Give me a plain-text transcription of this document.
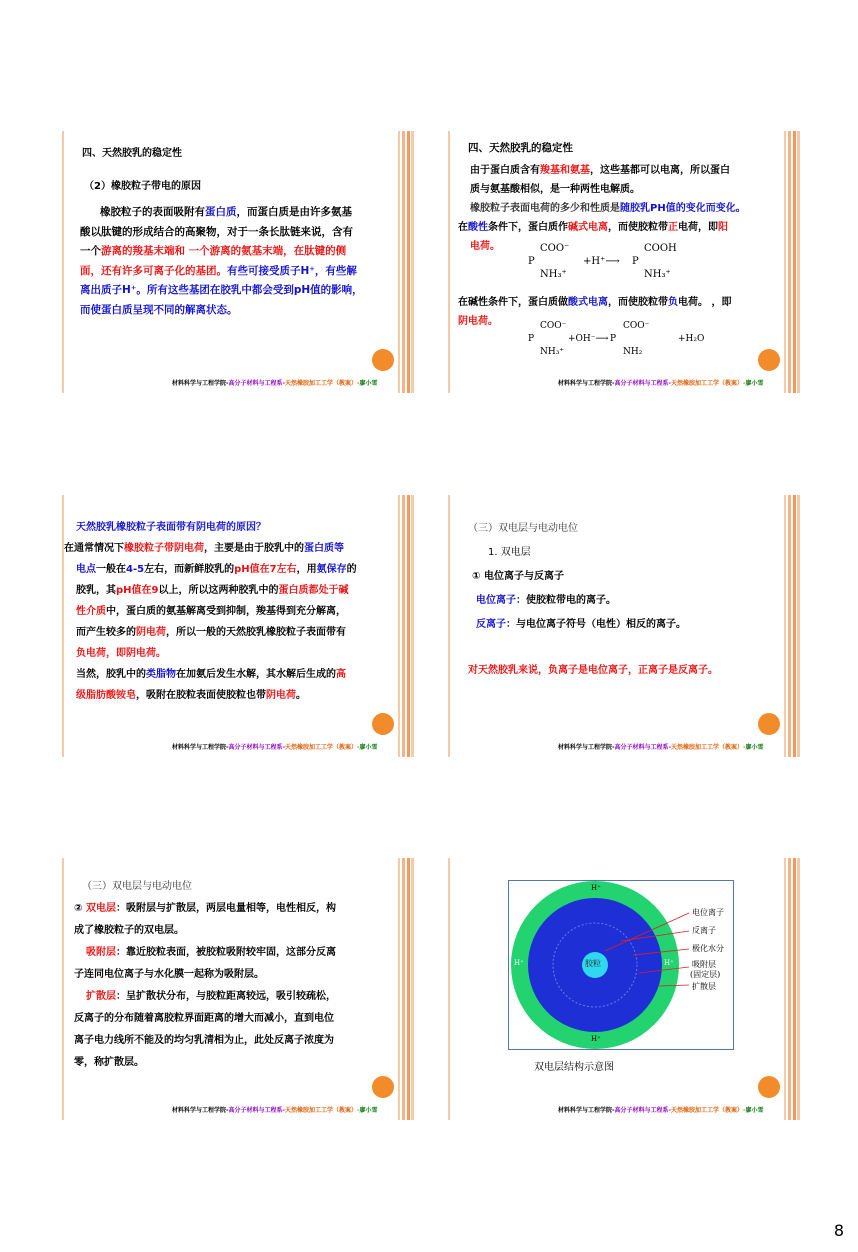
四、天然胶乳的稳定性
（2）橡胶粒子带电的原因
橡胶粒子的表面吸附有蛋白质，而蛋白质是由许多氨基
酸以肽键的形成结合的高聚物，对于一条长肽链来说，含有
一个游离的羧基末端和 一个游离的氨基末端，在肽键的侧
面，还有许多可离子化的基团。有些可接受质子H⁺，有些解
离出质子H⁺。所有这些基团在胶乳中都会受到pH值的影响，
而使蛋白质呈现不同的解离状态。
材料科学与工程学院-高分子材料与工程系-天然橡胶加工工学（教案）-廖小雪
四、天然胶乳的稳定性
由于蛋白质含有羧基和氨基，这些基都可以电离，所以蛋白
质与氨基酸相似，是一种两性电解质。
橡胶粒子表面电荷的多少和性质是随胶乳PH值的变化而变化。
在酸性条件下，蛋白质作碱式电离，而使胶粒带正电荷，即阳
电荷。	COO⁻
P
NH₃⁺
+H⁺⟶
COOH
P
NH₃⁺
在碱性条件下，蛋白质做酸式电离，而使胶粒带负电荷。 ，即
阴电荷。	COO⁻
P
NH₃⁺
+OH⁻⟶
COO⁻
P
NH₂
+H₂O
材料科学与工程学院-高分子材料与工程系-天然橡胶加工工学（教案）-廖小雪
天然胶乳橡胶粒子表面带有阴电荷的原因？
在通常情况下橡胶粒子带阴电荷，主要是由于胶乳中的蛋白质等
电点一般在4-5左右，而新鲜胶乳的pH值在7左右，用氨保存的
胶乳，其pH值在9以上，所以这两种胶乳中的蛋白质都处于碱
性介质中，蛋白质的氨基解离受到抑制，羧基得到充分解离，
而产生较多的阴电荷，所以一般的天然胶乳橡胶粒子表面带有
负电荷，即阴电荷。
当然，胶乳中的类脂物在加氨后发生水解，其水解后生成的高
级脂肪酸铵皂，吸附在胶粒表面使胶粒也带阴电荷。
材料科学与工程学院-高分子材料与工程系-天然橡胶加工工学（教案）-廖小雪
（三）双电层与电动电位
1. 双电层
① 电位离子与反离子
电位离子：使胶粒带电的离子。
反离子：与电位离子符号（电性）相反的离子。
对天然胶乳来说，负离子是电位离子，正离子是反离子。
材料科学与工程学院-高分子材料与工程系-天然橡胶加工工学（教案）-廖小雪
（三）双电层与电动电位
② 双电层：吸附层与扩散层，两层电量相等，电性相反，构
成了橡胶粒子的双电层。
吸附层：靠近胶粒表面，被胶粒吸附较牢固，这部分反离
子连同电位离子与水化膜一起称为吸附层。
扩散层：呈扩散状分布，与胶粒距离较远，吸引较疏松，
反离子的分布随着离胶粒界面距离的增大而减小，直到电位
离子电力线所不能及的均匀乳清相为止，此处反离子浓度为
零，称扩散层。
材料科学与工程学院-高分子材料与工程系-天然橡胶加工工学（教案）-廖小雪
胶粒
H⁺
H⁺
H⁺	H⁺
电位离子
反离子
极化水分
吸附层
(固定层)
扩散层
双电层结构示意图
材料科学与工程学院-高分子材料与工程系-天然橡胶加工工学（教案）-廖小雪
8
